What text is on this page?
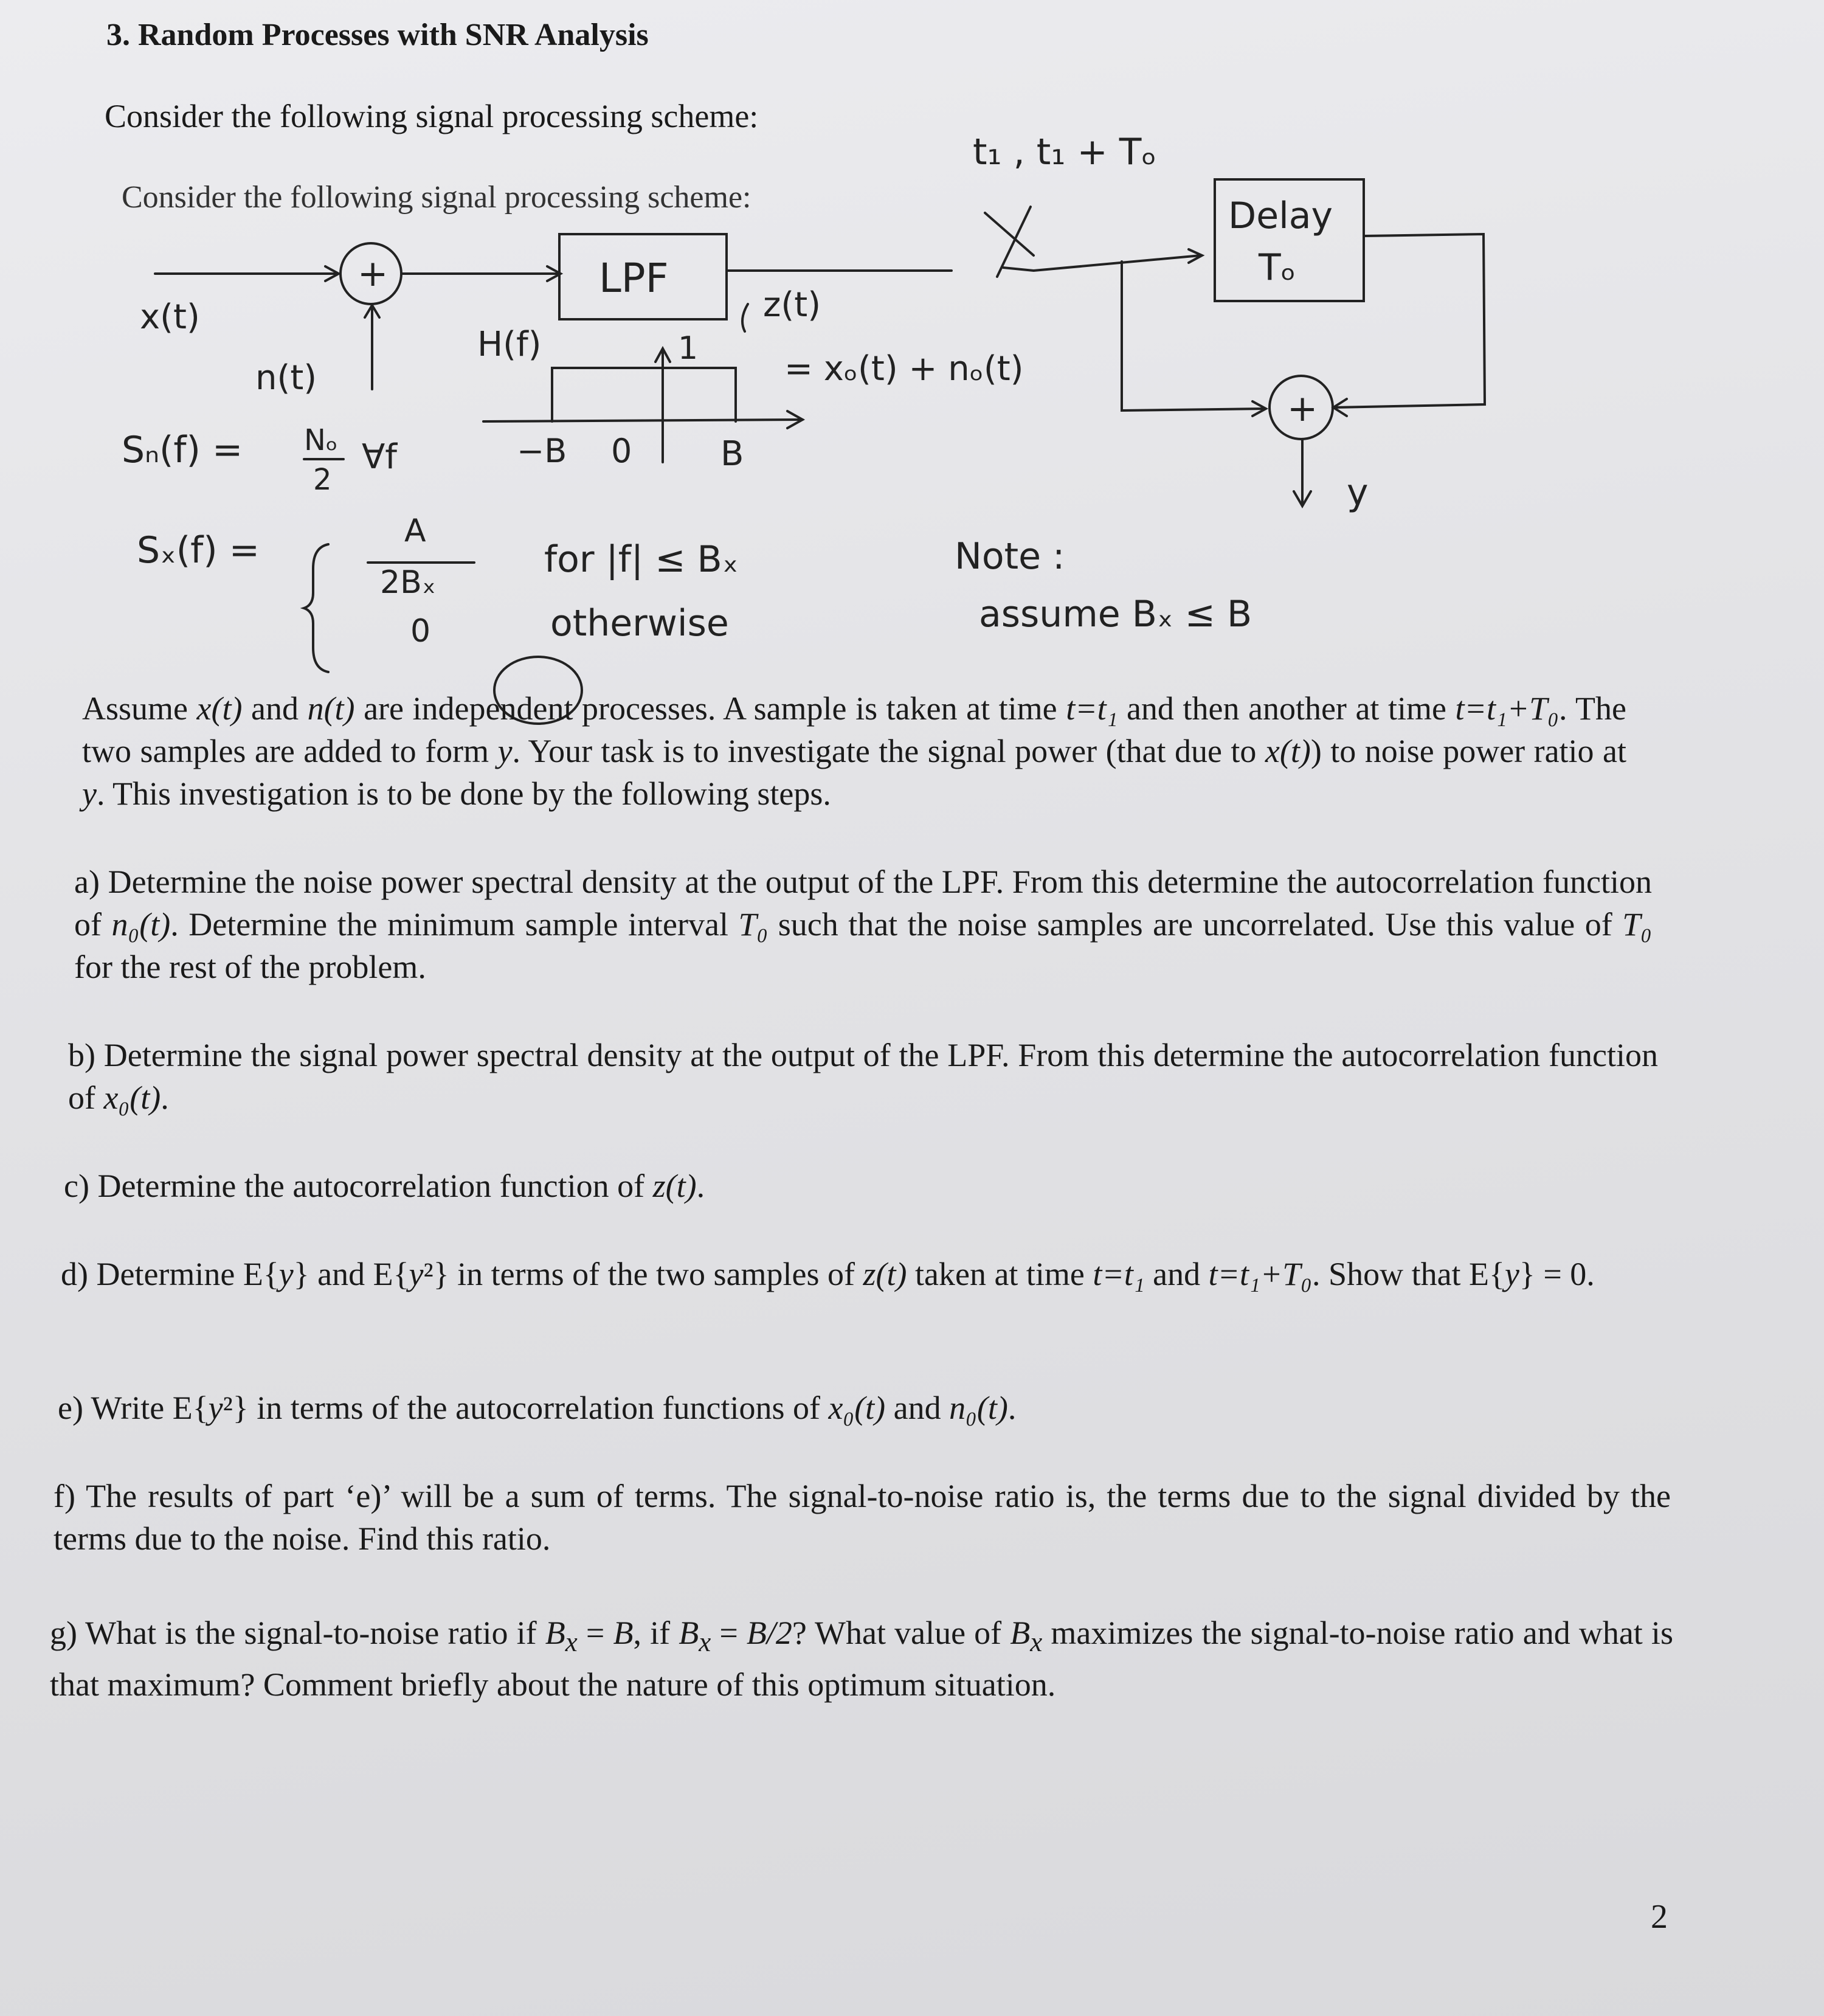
3. Random Processes with SNR Analysis
Consider the following signal processing scheme:
Consider the following signal processing scheme:
x(t)
n(t)
+	LPF
H(f)	1
−B 0	B
z(t)
= xₒ(t) + nₒ(t)
t₁ , t₁ + Tₒ
Delay
Tₒ
+
y
Sₙ(f) = Nₒ
2
∀f
Sₓ(f) =	A
2Bₓ
0
for |f| ≤ Bₓ
otherwise
Note :
assume Bₓ ≤ B
Assume x(t) and n(t) are independent processes. A sample is taken at time t=t₁ and then another at time t=t₁+T₀. The two samples are added to form y. Your task is to investigate the signal power (that due to x(t)) to noise power ratio at y. This investigation is to be done by the following steps.
a) Determine the noise power spectral density at the output of the LPF. From this determine the autocorrelation function of n₀(t). Determine the minimum sample interval T₀ such that the noise samples are uncorrelated. Use this value of T₀ for the rest of the problem.
b) Determine the signal power spectral density at the output of the LPF. From this determine the autocorrelation function of x₀(t).
c) Determine the autocorrelation function of z(t).
d) Determine E{y} and E{y²} in terms of the two samples of z(t) taken at time t=t₁ and t=t₁+T₀. Show that E{y} = 0.
e) Write E{y²} in terms of the autocorrelation functions of x₀(t) and n₀(t).
f) The results of part ‘e)’ will be a sum of terms. The signal-to-noise ratio is, the terms due to the signal divided by the terms due to the noise. Find this ratio.
g) What is the signal-to-noise ratio if $B_x = B$, if $B_x = B/2$? What value of $B_x$ maximizes the signal-to-noise ratio and what is that maximum? Comment briefly about the nature of this optimum situation.
2
